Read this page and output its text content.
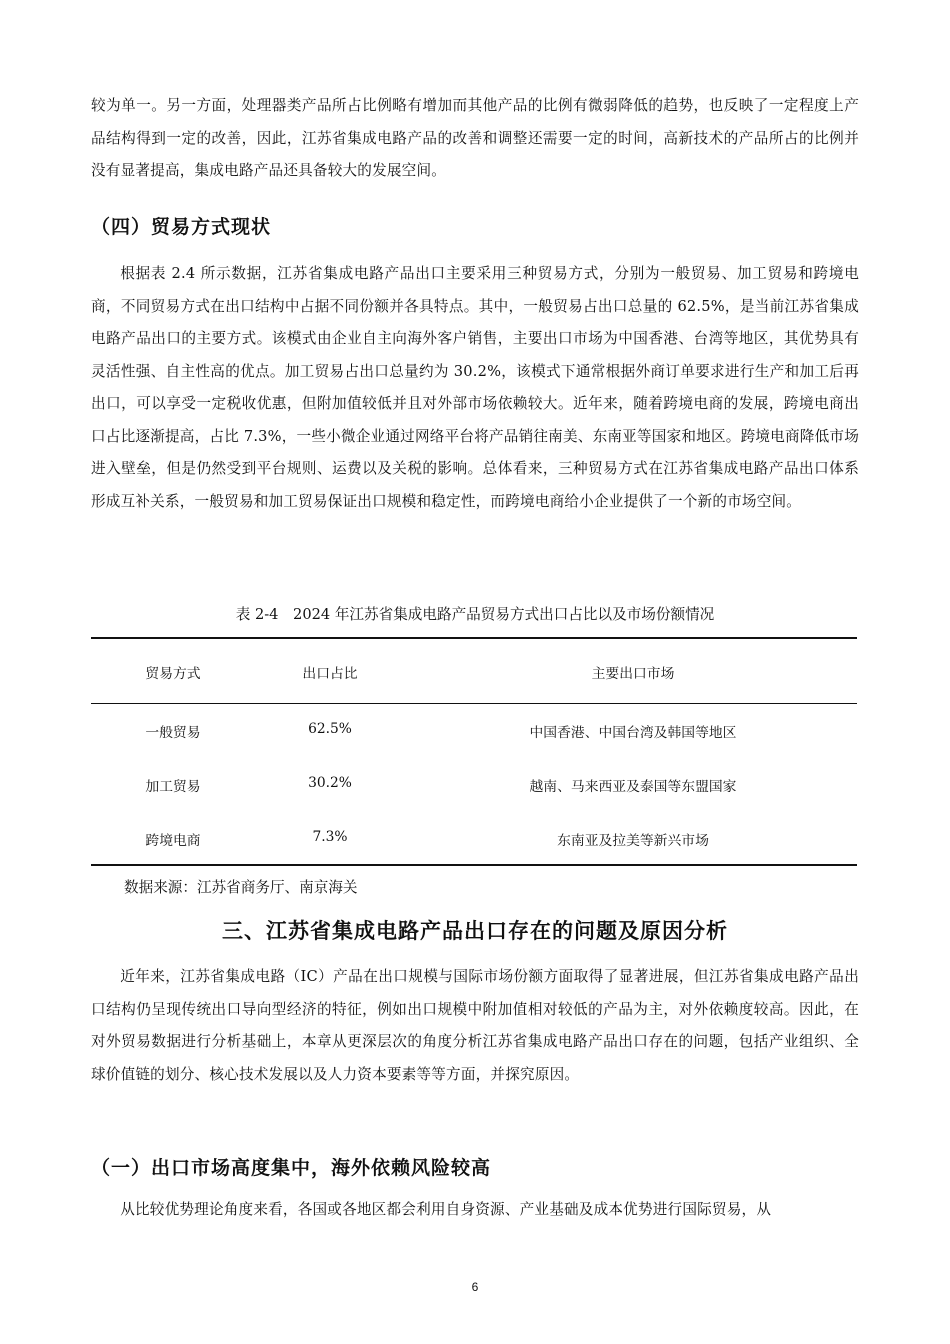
较为单一。另一方面，处理器类产品所占比例略有增加而其他产品的比例有微弱降低的趋势，也反映了一定程度上产品结构得到一定的改善，因此，江苏省集成电路产品的改善和调整还需要一定的时间，高新技术的产品所占的比例并没有显著提高，集成电路产品还具备较大的发展空间。

（四）贸易方式现状

根据表 2.4 所示数据，江苏省集成电路产品出口主要采用三种贸易方式，分别为一般贸易、加工贸易和跨境电商，不同贸易方式在出口结构中占据不同份额并各具特点。其中，一般贸易占出口总量的 62.5%，是当前江苏省集成电路产品出口的主要方式。该模式由企业自主向海外客户销售，主要出口市场为中国香港、台湾等地区，其优势具有灵活性强、自主性高的优点。加工贸易占出口总量约为 30.2%，该模式下通常根据外商订单要求进行生产和加工后再出口，可以享受一定税收优惠，但附加值较低并且对外部市场依赖较大。近年来，随着跨境电商的发展，跨境电商出口占比逐渐提高，占比 7.3%，一些小微企业通过网络平台将产品销往南美、东南亚等国家和地区。跨境电商降低市场进入壁垒，但是仍然受到平台规则、运费以及关税的影响。总体看来，三种贸易方式在江苏省集成电路产品出口体系形成互补关系，一般贸易和加工贸易保证出口规模和稳定性，而跨境电商给小企业提供了一个新的市场空间。

表 2-4　2024 年江苏省集成电路产品贸易方式出口占比以及市场份额情况

贸易方式	出口占比	主要出口市场
一般贸易	62.5%	中国香港、中国台湾及韩国等地区
加工贸易	30.2%	越南、马来西亚及泰国等东盟国家
跨境电商	7.3%	东南亚及拉美等新兴市场

数据来源：江苏省商务厅、南京海关

三、江苏省集成电路产品出口存在的问题及原因分析

近年来，江苏省集成电路（IC）产品在出口规模与国际市场份额方面取得了显著进展，但江苏省集成电路产品出口结构仍呈现传统出口导向型经济的特征，例如出口规模中附加值相对较低的产品为主，对外依赖度较高。因此，在对外贸易数据进行分析基础上，本章从更深层次的角度分析江苏省集成电路产品出口存在的问题，包括产业组织、全球价值链的划分、核心技术发展以及人力资本要素等等方面，并探究原因。

（一）出口市场高度集中，海外依赖风险较高

从比较优势理论角度来看，各国或各地区都会利用自身资源、产业基础及成本优势进行国际贸易，从

6
